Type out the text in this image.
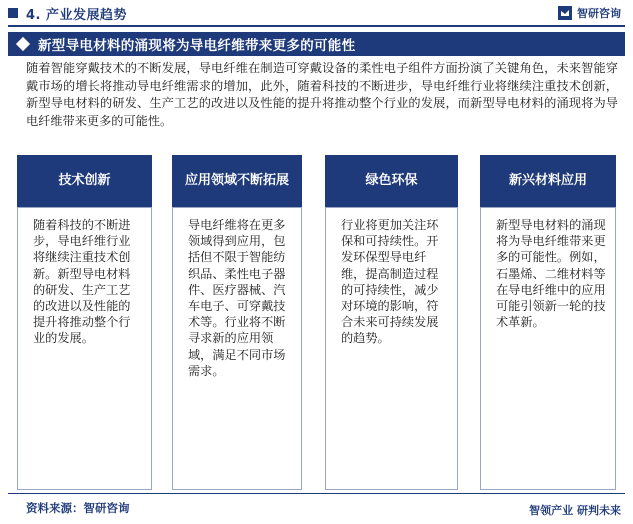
4. 产业发展趋势	智研咨询
新型导电材料的涌现将为导电纤维带来更多的可能性

随着智能穿戴技术的不断发展，导电纤维在制造可穿戴设备的柔性电子组件方面扮演了关键角色，未来智能穿戴市场的增长将推动导电纤维需求的增加，此外，随着科技的不断进步，导电纤维行业将继续注重技术创新，新型导电材料的研发、生产工艺的改进以及性能的提升将推动整个行业的发展，而新型导电材料的涌现将为导电纤维带来更多的可能性。

技术创新

随着科技的不断进步，导电纤维行业将继续注重技术创新。新型导电材料的研发、生产工艺的改进以及性能的提升将推动整个行业的发展。

应用领域不断拓展

导电纤维将在更多领域得到应用，包括但不限于智能纺织品、柔性电子器件、医疗器械、汽车电子、可穿戴技术等。行业将不断寻求新的应用领域，满足不同市场需求。

绿色环保

行业将更加关注环保和可持续性。开发环保型导电纤维，提高制造过程的可持续性，减少对环境的影响，符合未来可持续发展的趋势。

新兴材料应用

新型导电材料的涌现将为导电纤维带来更多的可能性。例如，石墨烯、二维材料等在导电纤维中的应用可能引领新一轮的技术革新。

资料来源：智研咨询	智领产业 研判未来
